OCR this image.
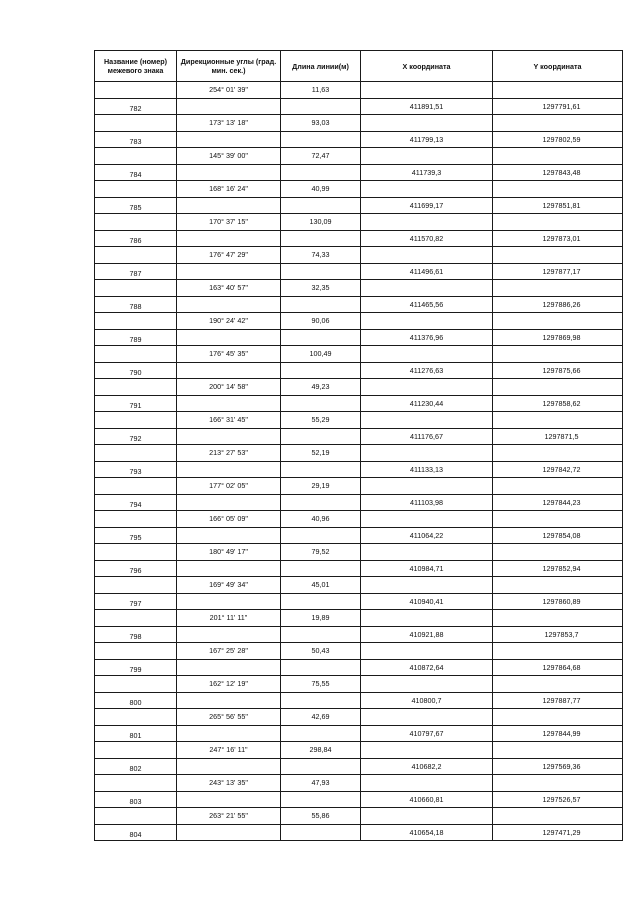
Название (номер) межевого знака	Дирекционные углы (град. мин. сек.)	Длина линии(м)	X координата	Y координата
	254° 01' 39"	11,63		
782			411891,51	1297791,61
	173° 13' 18"	93,03		
783			411799,13	1297802,59
	145° 39' 00"	72,47		
784			411739,3	1297843,48
	168° 16' 24"	40,99		
785			411699,17	1297851,81
	170° 37' 15"	130,09		
786			411570,82	1297873,01
	176° 47' 29"	74,33		
787			411496,61	1297877,17
	163° 40' 57"	32,35		
788			411465,56	1297886,26
	190° 24' 42"	90,06		
789			411376,96	1297869,98
	176° 45' 35"	100,49		
790			411276,63	1297875,66
	200° 14' 58"	49,23		
791			411230,44	1297858,62
	166° 31' 45"	55,29		
792			411176,67	1297871,5
	213° 27' 53"	52,19		
793			411133,13	1297842,72
	177° 02' 05"	29,19		
794			411103,98	1297844,23
	166° 05' 09"	40,96		
795			411064,22	1297854,08
	180° 49' 17"	79,52		
796			410984,71	1297852,94
	169° 49' 34"	45,01		
797			410940,41	1297860,89
	201° 11' 11"	19,89		
798			410921,88	1297853,7
	167° 25' 28"	50,43		
799			410872,64	1297864,68
	162° 12' 19"	75,55		
800			410800,7	1297887,77
	265° 56' 55"	42,69		
801			410797,67	1297844,99
	247° 16' 11"	298,84		
802			410682,2	1297569,36
	243° 13' 35"	47,93		
803			410660,81	1297526,57
	263° 21' 55"	55,86		
804			410654,18	1297471,29
